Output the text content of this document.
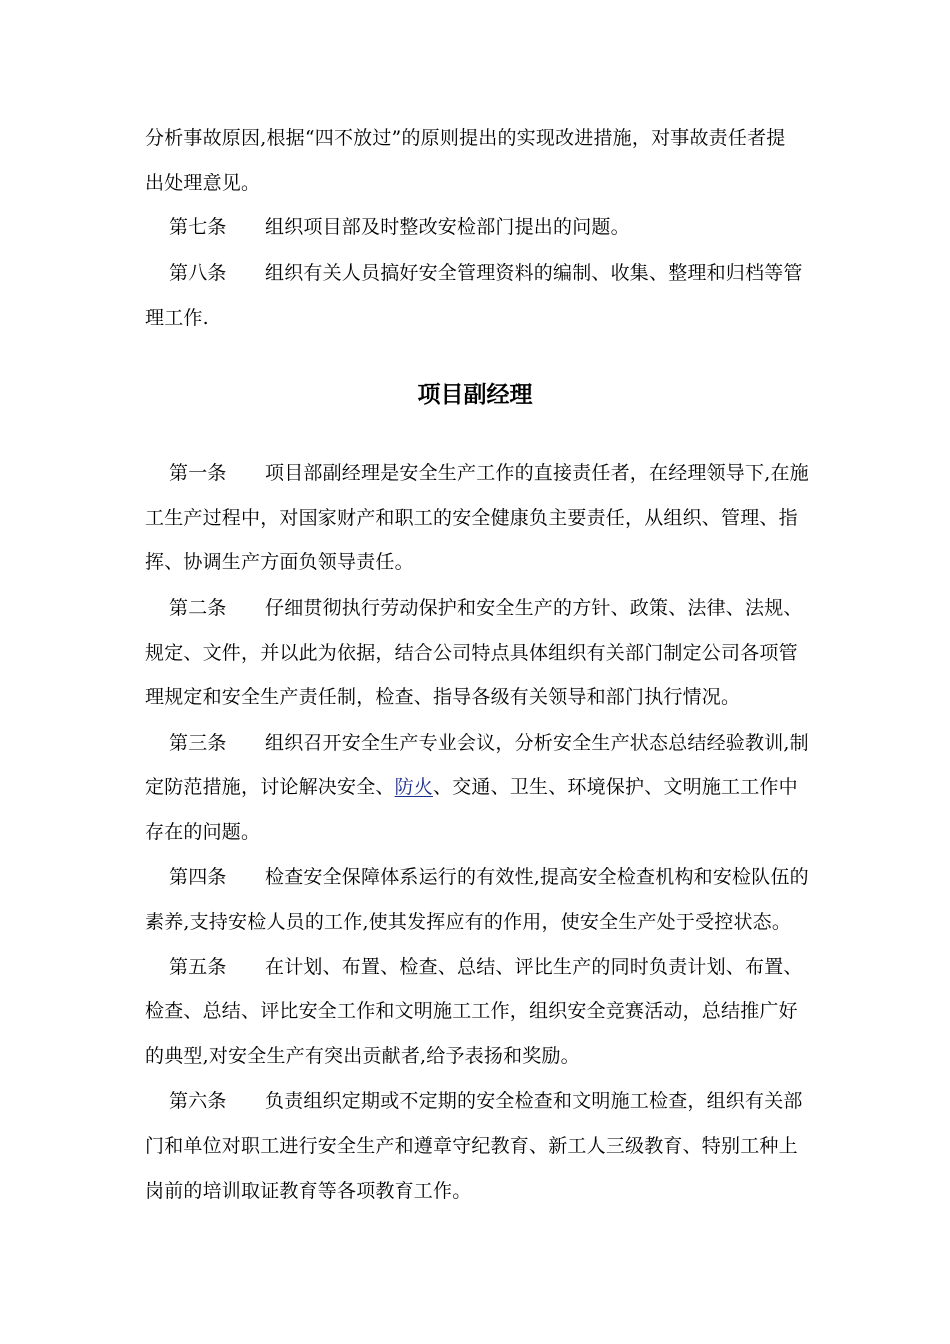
分析事故原因,根据“四不放过”的原则提出的实现改进措施，对事故责任者提
出处理意见。
第七条 组织项目部及时整改安检部门提出的问题。
第八条 组织有关人员搞好安全管理资料的编制、收集、整理和归档等管
理工作.
项目副经理
第一条 项目部副经理是安全生产工作的直接责任者，在经理领导下,在施
工生产过程中，对国家财产和职工的安全健康负主要责任，从组织、管理、指
挥、协调生产方面负领导责任。
第二条 仔细贯彻执行劳动保护和安全生产的方针、政策、法律、法规、
规定、文件，并以此为依据，结合公司特点具体组织有关部门制定公司各项管
理规定和安全生产责任制，检查、指导各级有关领导和部门执行情况。
第三条 组织召开安全生产专业会议，分析安全生产状态总结经验教训,制
定防范措施，讨论解决安全、防火、交通、卫生、环境保护、文明施工工作中
存在的问题。
第四条 检查安全保障体系运行的有效性,提高安全检查机构和安检队伍的
素养,支持安检人员的工作,使其发挥应有的作用，使安全生产处于受控状态。
第五条 在计划、布置、检查、总结、评比生产的同时负责计划、布置、
检查、总结、评比安全工作和文明施工工作，组织安全竞赛活动，总结推广好
的典型,对安全生产有突出贡献者,给予表扬和奖励。
第六条 负责组织定期或不定期的安全检查和文明施工检查，组织有关部
门和单位对职工进行安全生产和遵章守纪教育、新工人三级教育、特别工种上
岗前的培训取证教育等各项教育工作。
